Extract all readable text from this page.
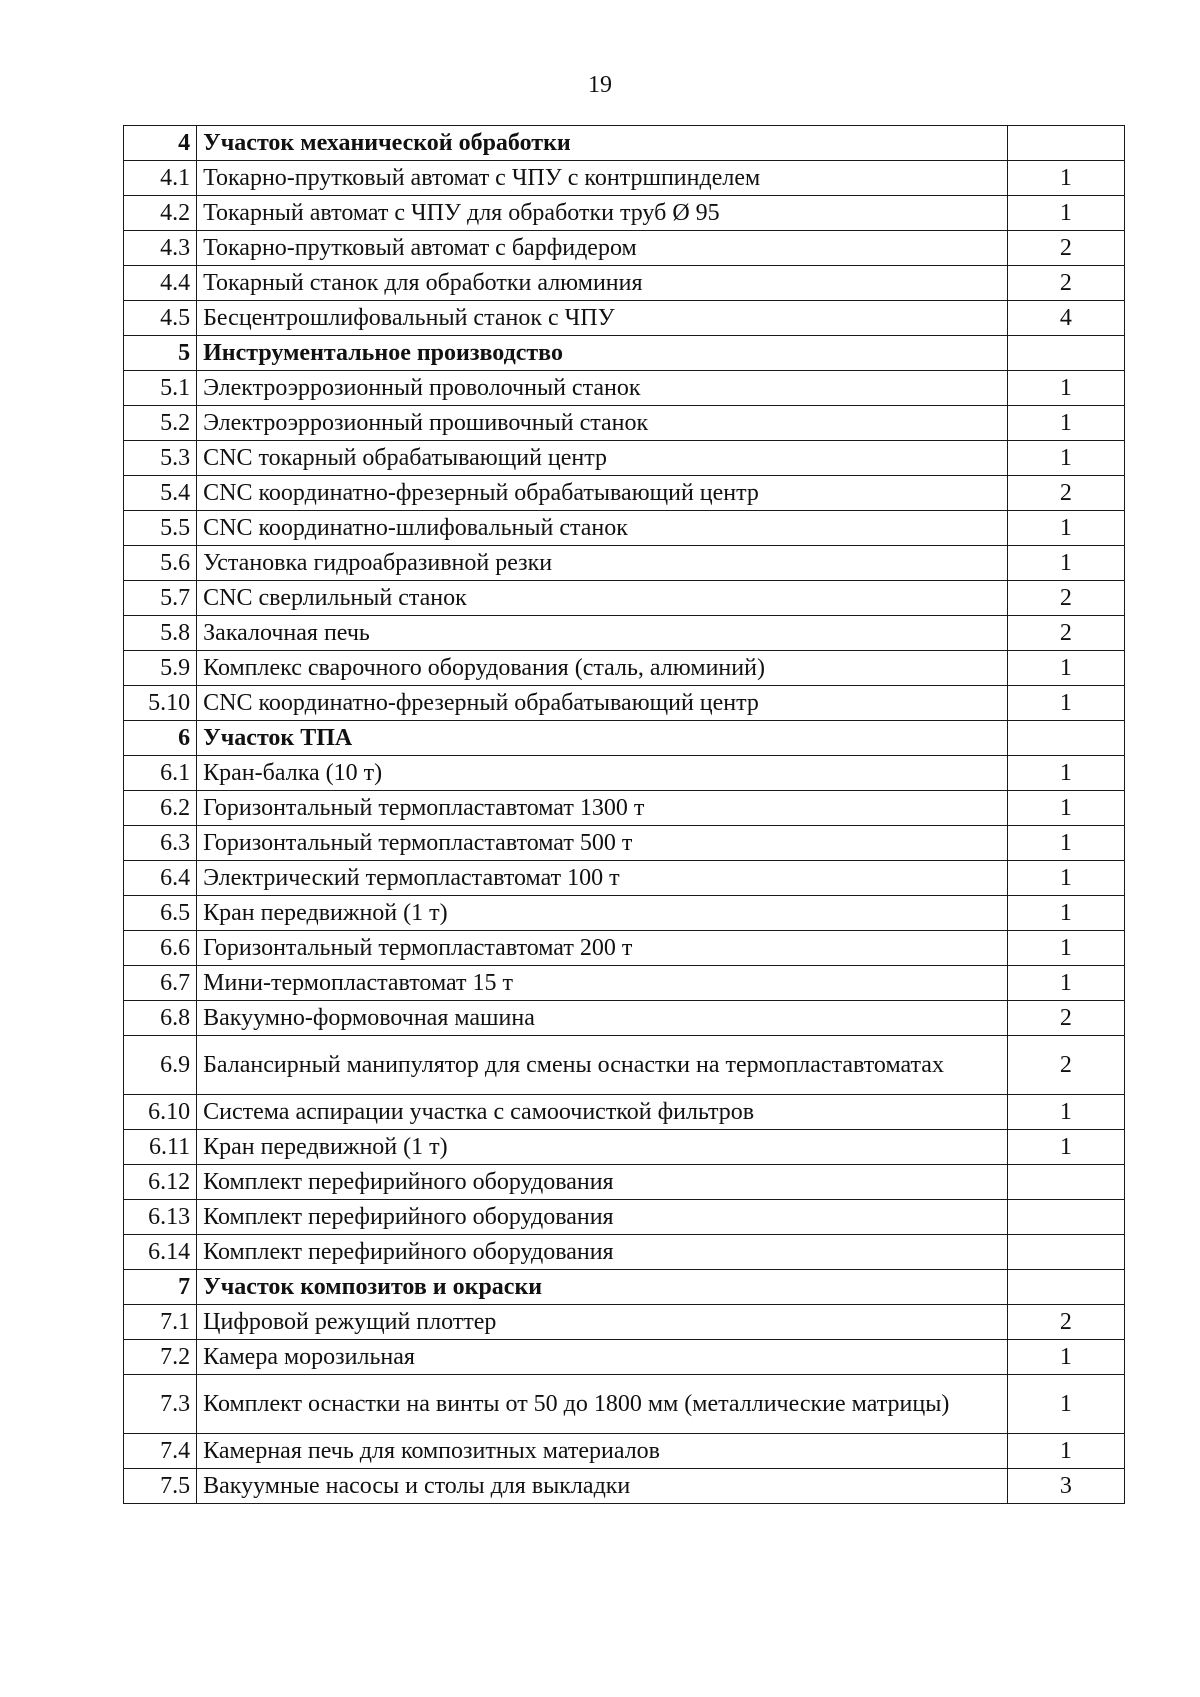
19
4	Участок механической обработки	
4.1	Токарно-прутковый автомат с ЧПУ с контршпинделем	1
4.2	Токарный автомат с ЧПУ для обработки труб Ø 95	1
4.3	Токарно-прутковый автомат с барфидером	2
4.4	Токарный станок для обработки алюминия	2
4.5	Бесцентрошлифовальный станок с ЧПУ	4
5	Инструментальное производство	
5.1	Электроэррозионный проволочный станок	1
5.2	Электроэррозионный прошивочный станок	1
5.3	CNC токарный обрабатывающий центр	1
5.4	CNC координатно-фрезерный обрабатывающий центр	2
5.5	CNC координатно-шлифовальный станок	1
5.6	Установка гидроабразивной резки	1
5.7	CNC сверлильный станок	2
5.8	Закалочная печь	2
5.9	Комплекс сварочного оборудования (сталь, алюминий)	1
5.10	CNC координатно-фрезерный обрабатывающий центр	1
6	Участок ТПА	
6.1	Кран-балка (10 т)	1
6.2	Горизонтальный термопластавтомат 1300 т	1
6.3	Горизонтальный термопластавтомат 500 т	1
6.4	Электрический термопластавтомат 100 т	1
6.5	Кран передвижной (1 т)	1
6.6	Горизонтальный термопластавтомат 200 т	1
6.7	Мини-термопластавтомат 15 т	1
6.8	Вакуумно-формовочная машина	2
6.9	Балансирный манипулятор для смены оснастки на термопластавтоматах	2
6.10	Система аспирации участка с самоочисткой фильтров	1
6.11	Кран передвижной (1 т)	1
6.12	Комплект перефирийного оборудования	
6.13	Комплект перефирийного оборудования	
6.14	Комплект перефирийного оборудования	
7	Участок композитов и окраски	
7.1	Цифровой режущий плоттер	2
7.2	Камера морозильная	1
7.3	Комплект оснастки на винты от 50 до 1800 мм (металлические матрицы)	1
7.4	Камерная печь для композитных материалов	1
7.5	Вакуумные насосы и столы для выкладки	3
